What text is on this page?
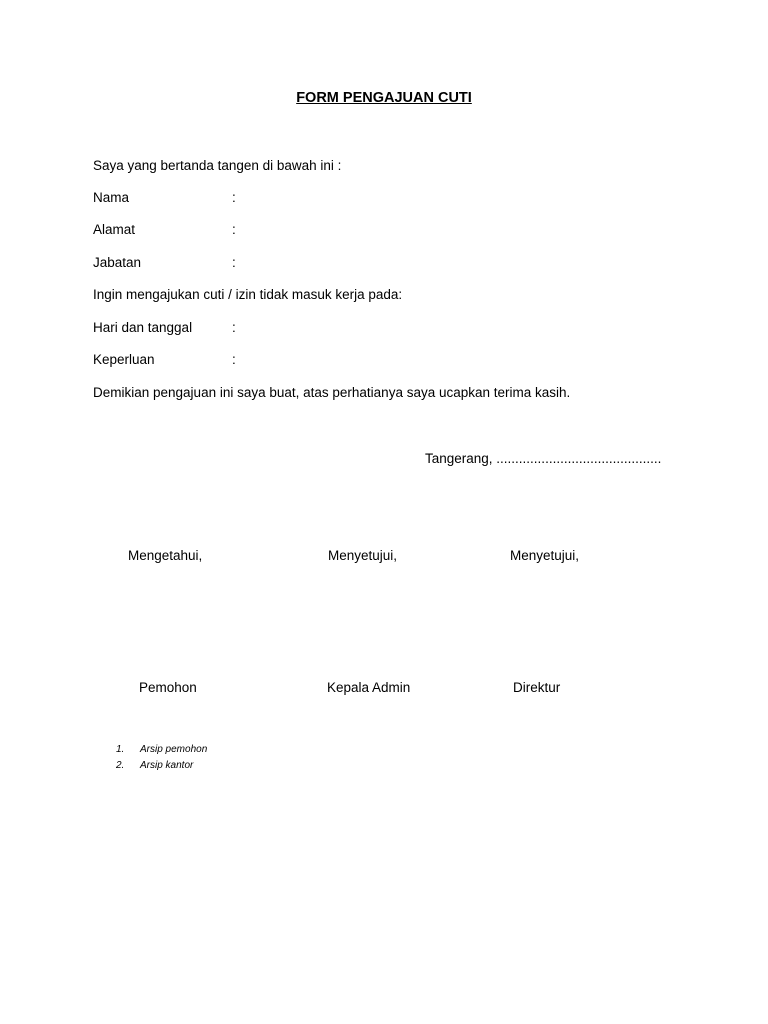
FORM PENGAJUAN CUTI
Saya yang bertanda tangen di bawah ini :
Nama	:
Alamat	:
Jabatan	:
Ingin mengajukan cuti / izin tidak masuk kerja pada:
Hari dan tanggal	:
Keperluan	:
Demikian pengajuan ini saya buat, atas perhatianya saya ucapkan terima kasih.
Tangerang, ............................................
Mengetahui,	Menyetujui,	Menyetujui,
Pemohon	Kepala Admin	Direktur
1. Arsip pemohon
2. Arsip kantor
